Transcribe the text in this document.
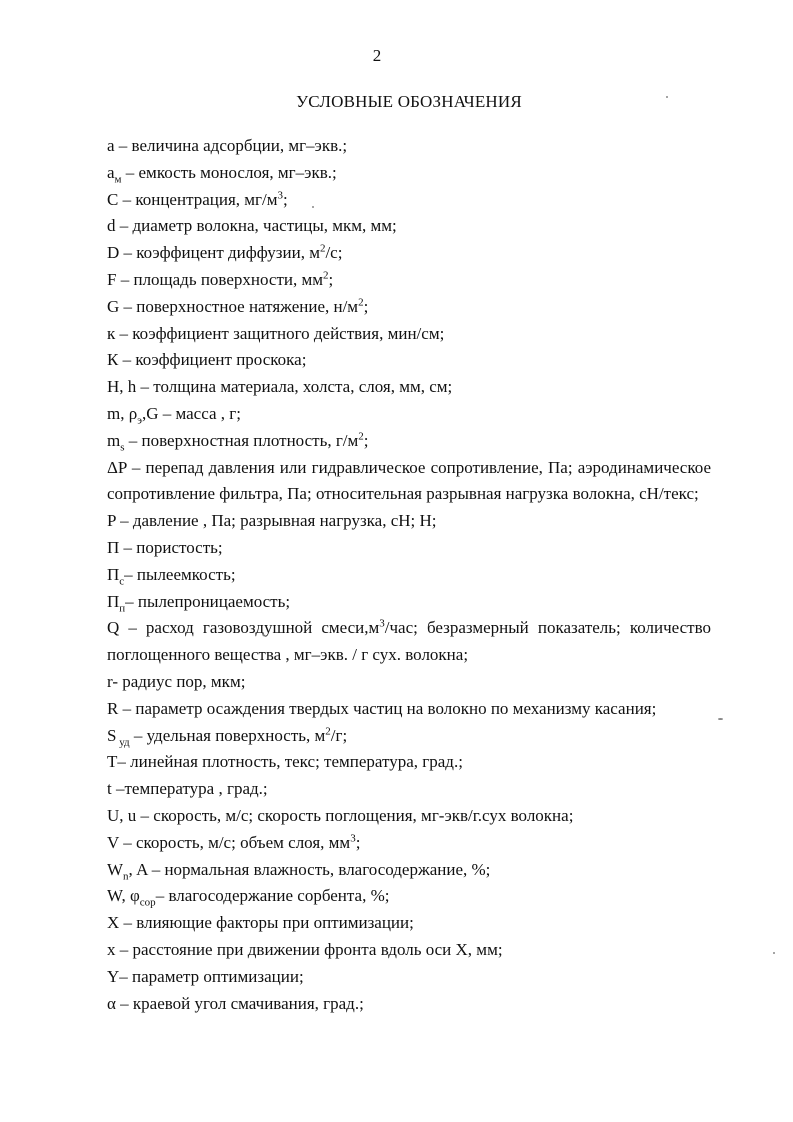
2
УСЛОВНЫЕ ОБОЗНАЧЕНИЯ

a – величина адсорбции, мг–экв.;

$a_м$ – емкость монослоя, мг–экв.;

C – концентрация, $мг/м^3$;

d – диаметр волокна, частицы, мкм, мм;

D – коэффицент диффузии, $м^2/с$;

F – площадь поверхности, $мм^2$;

G – поверхностное натяжение, $н/м^2$;

к – коэффициент защитного действия, мин/см;

К – коэффициент проскока;

H, h – толщина материала, холста, слоя, мм, см;

m, $\rho_э,G$ – масса , г;

$m_s$ – поверхностная плотность, $г/м^2$;

ΔP – перепад давления или гидравлическое сопротивление, Па; аэродинамическое сопротивление фильтра, Па; относительная разрывная нагрузка волокна, сН/текс;

P – давление , Па; разрывная нагрузка, сН; Н;

П – пористость;

$П_с-$ пылеемкость;

$П_п-$ пылепроницаемость;

Q – расход газовоздушной $смеси,м^3$/час; безразмерный показатель; количество поглощенного вещества , мг–экв. / г сух. волокна;

r- радиус пор, мкм;

R – параметр осаждения твердых частиц на волокно по механизму касания;

S $_{уд}$ – удельная поверхность, $м^2/г$;

T– линейная плотность, текс; температура, град.;

t –температура , град.;

U, u – скорость, м/с; скорость поглощения, мг-экв/г.сух волокна;

V – скорость, м/с; объем слоя, $мм^3$;

$W_n$, A – нормальная влажность, влагосодержание, %;

W, $\varphi_{сор}-$ влагосодержание сорбента, %;

X – влияющие факторы при оптимизации;

x – расстояние при движении фронта вдоль оси X, мм;

Y– параметр оптимизации;

α – краевой угол смачивания, град.;
